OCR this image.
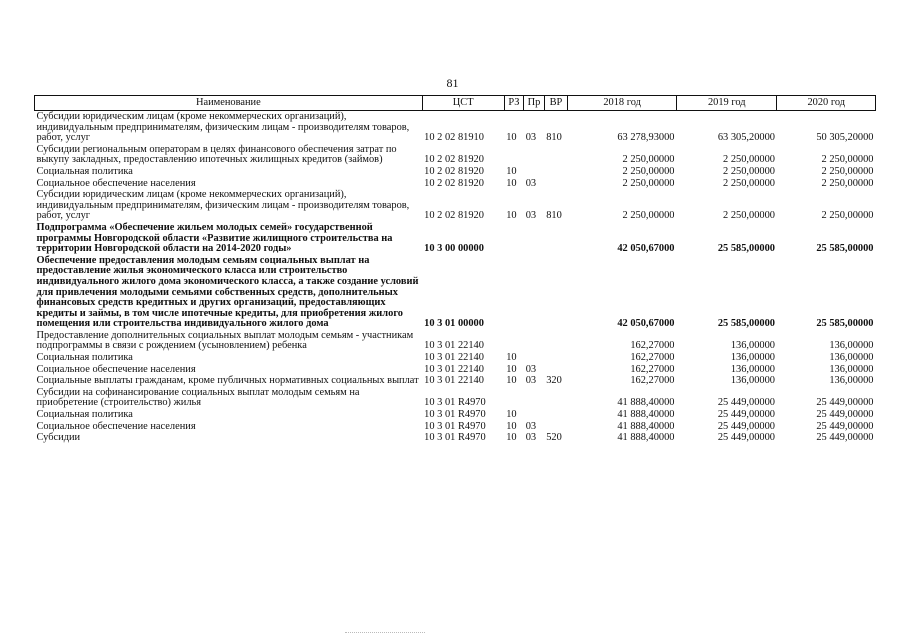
81
Наименование	ЦСТ	РЗ	Пр	ВР	2018 год	2019 год	2020 год
Субсидии юридическим лицам (кроме некоммерческих организаций), индивидуальным предпринимателям, физическим лицам - производителям товаров, работ, услуг	10 2 02 81910	10	03	810	63 278,93000	63 305,20000	50 305,20000
Субсидии региональным операторам в целях финансового обеспечения затрат по выкупу закладных, предоставлению ипотечных жилищных кредитов (займов)	10 2 02 81920				2 250,00000	2 250,00000	2 250,00000
Социальная политика	10 2 02 81920	10			2 250,00000	2 250,00000	2 250,00000
Социальное обеспечение населения	10 2 02 81920	10	03		2 250,00000	2 250,00000	2 250,00000
Субсидии юридическим лицам (кроме некоммерческих организаций), индивидуальным предпринимателям, физическим лицам - производителям товаров, работ, услуг	10 2 02 81920	10	03	810	2 250,00000	2 250,00000	2 250,00000
Подпрограмма «Обеспечение жильем молодых семей» государственной программы Новгородской области «Развитие жилищного строительства на территории Новгородской области на 2014-2020 годы»	10 3 00 00000				42 050,67000	25 585,00000	25 585,00000
Обеспечение предоставления молодым семьям социальных выплат на предоставление жилья экономического класса или строительство индивидуального жилого дома экономического класса, а также создание условий для привлечения молодыми семьями собственных средств, дополнительных финансовых средств кредитных и других организаций, предоставляющих кредиты и займы, в том числе ипотечные кредиты, для приобретения жилого помещения или строительства индивидуального жилого дома	10 3 01 00000				42 050,67000	25 585,00000	25 585,00000
Предоставление дополнительных социальных выплат молодым семьям - участникам подпрограммы в связи с рождением (усыновлением) ребенка	10 3 01 22140				162,27000	136,00000	136,00000
Социальная политика	10 3 01 22140	10			162,27000	136,00000	136,00000
Социальное обеспечение населения	10 3 01 22140	10	03		162,27000	136,00000	136,00000
Социальные выплаты гражданам, кроме публичных нормативных социальных выплат	10 3 01 22140	10	03	320	162,27000	136,00000	136,00000
Субсидии на софинансирование социальных выплат молодым семьям на приобретение (строительство) жилья	10 3 01 R4970				41 888,40000	25 449,00000	25 449,00000
Социальная политика	10 3 01 R4970	10			41 888,40000	25 449,00000	25 449,00000
Социальное обеспечение населения	10 3 01 R4970	10	03		41 888,40000	25 449,00000	25 449,00000
Субсидии	10 3 01 R4970	10	03	520	41 888,40000	25 449,00000	25 449,00000
